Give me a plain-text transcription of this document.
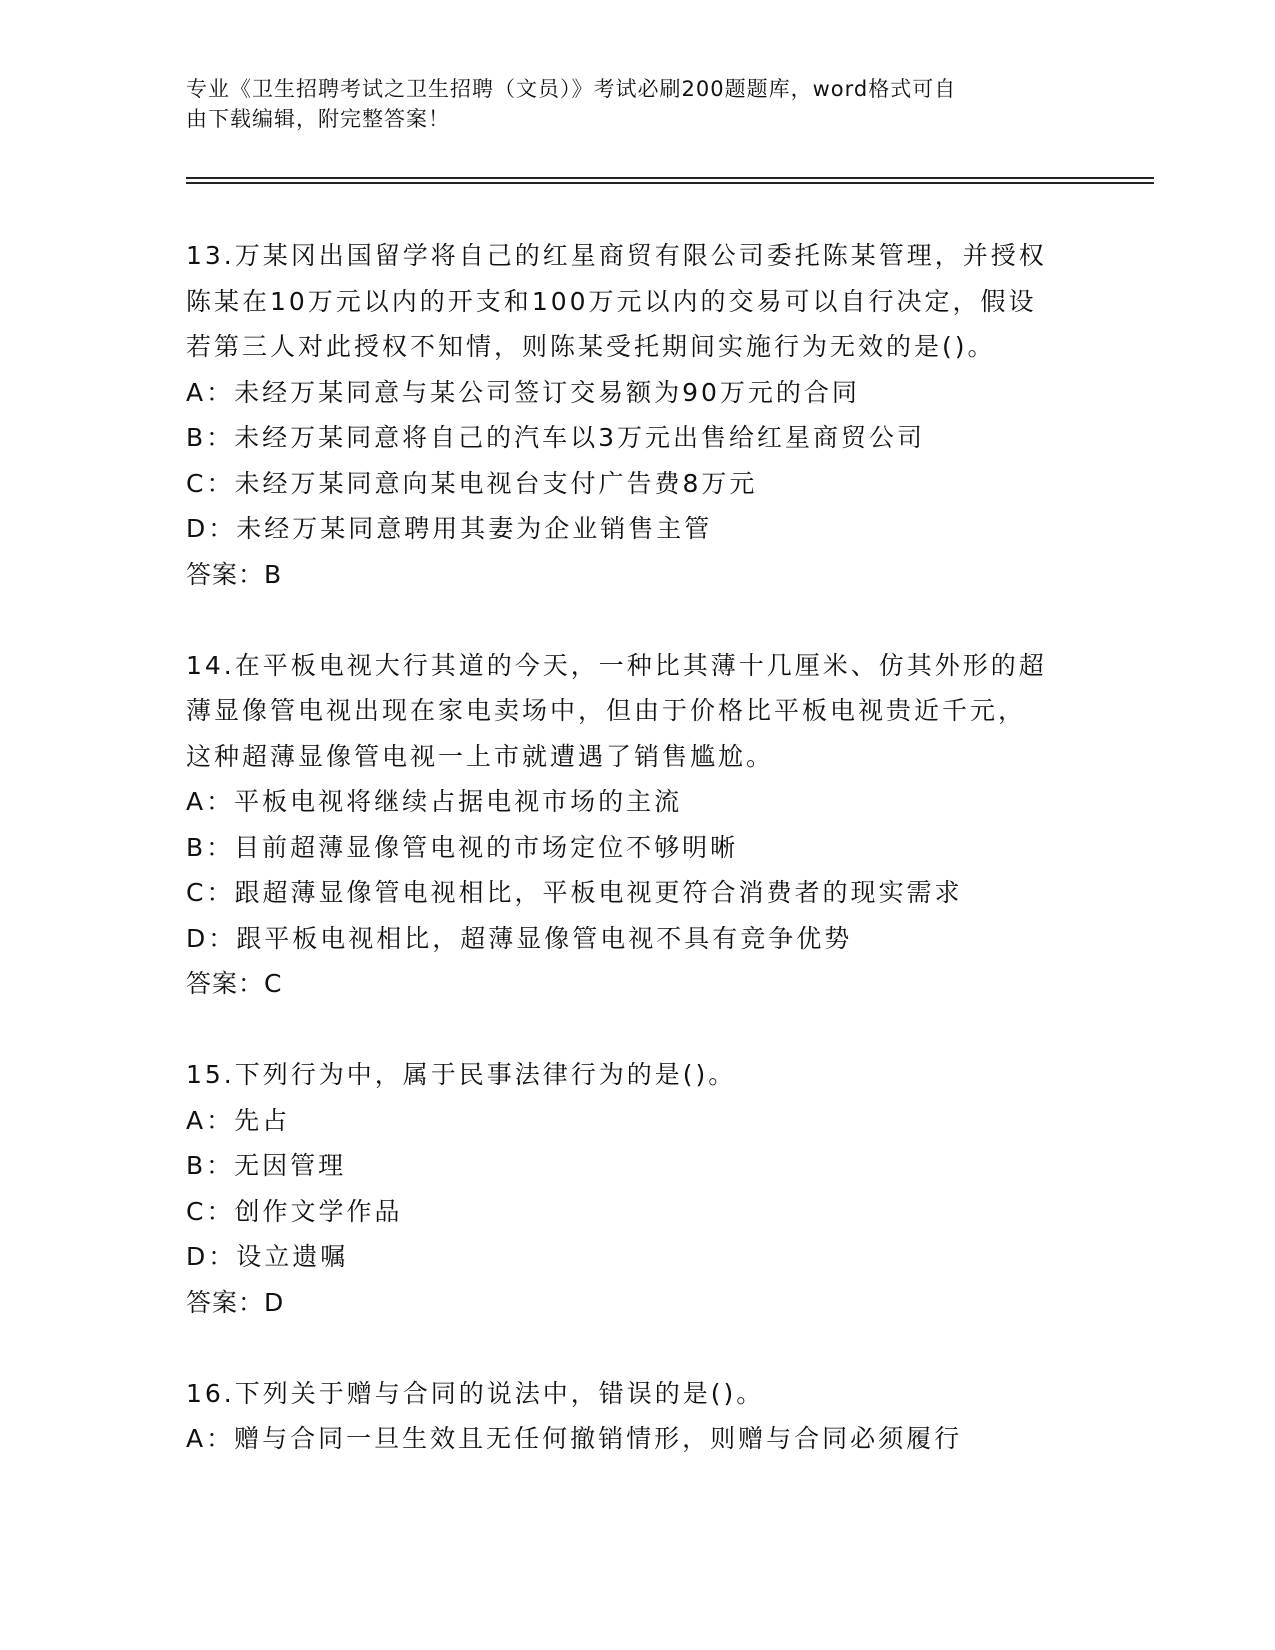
专业《卫生招聘考试之卫生招聘（文员）》考试必刷200题题库，word格式可自
由下载编辑，附完整答案！
13.万某冈出国留学将自己的红星商贸有限公司委托陈某管理，并授权
陈某在10万元以内的开支和100万元以内的交易可以自行决定，假设
若第三人对此授权不知情，则陈某受托期间实施行为无效的是()。
A：未经万某同意与某公司签订交易额为90万元的合同
B：未经万某同意将自己的汽车以3万元出售给红星商贸公司
C：未经万某同意向某电视台支付广告费8万元
D：未经万某同意聘用其妻为企业销售主管
答案：B
14.在平板电视大行其道的今天，一种比其薄十几厘米、仿其外形的超
薄显像管电视出现在家电卖场中，但由于价格比平板电视贵近千元，
这种超薄显像管电视一上市就遭遇了销售尴尬。
A：平板电视将继续占据电视市场的主流
B：目前超薄显像管电视的市场定位不够明晰
C：跟超薄显像管电视相比，平板电视更符合消费者的现实需求
D：跟平板电视相比，超薄显像管电视不具有竞争优势
答案：C
15.下列行为中，属于民事法律行为的是()。
A：先占
B：无因管理
C：创作文学作品
D：设立遗嘱
答案：D
16.下列关于赠与合同的说法中，错误的是()。
A：赠与合同一旦生效且无任何撤销情形，则赠与合同必须履行
